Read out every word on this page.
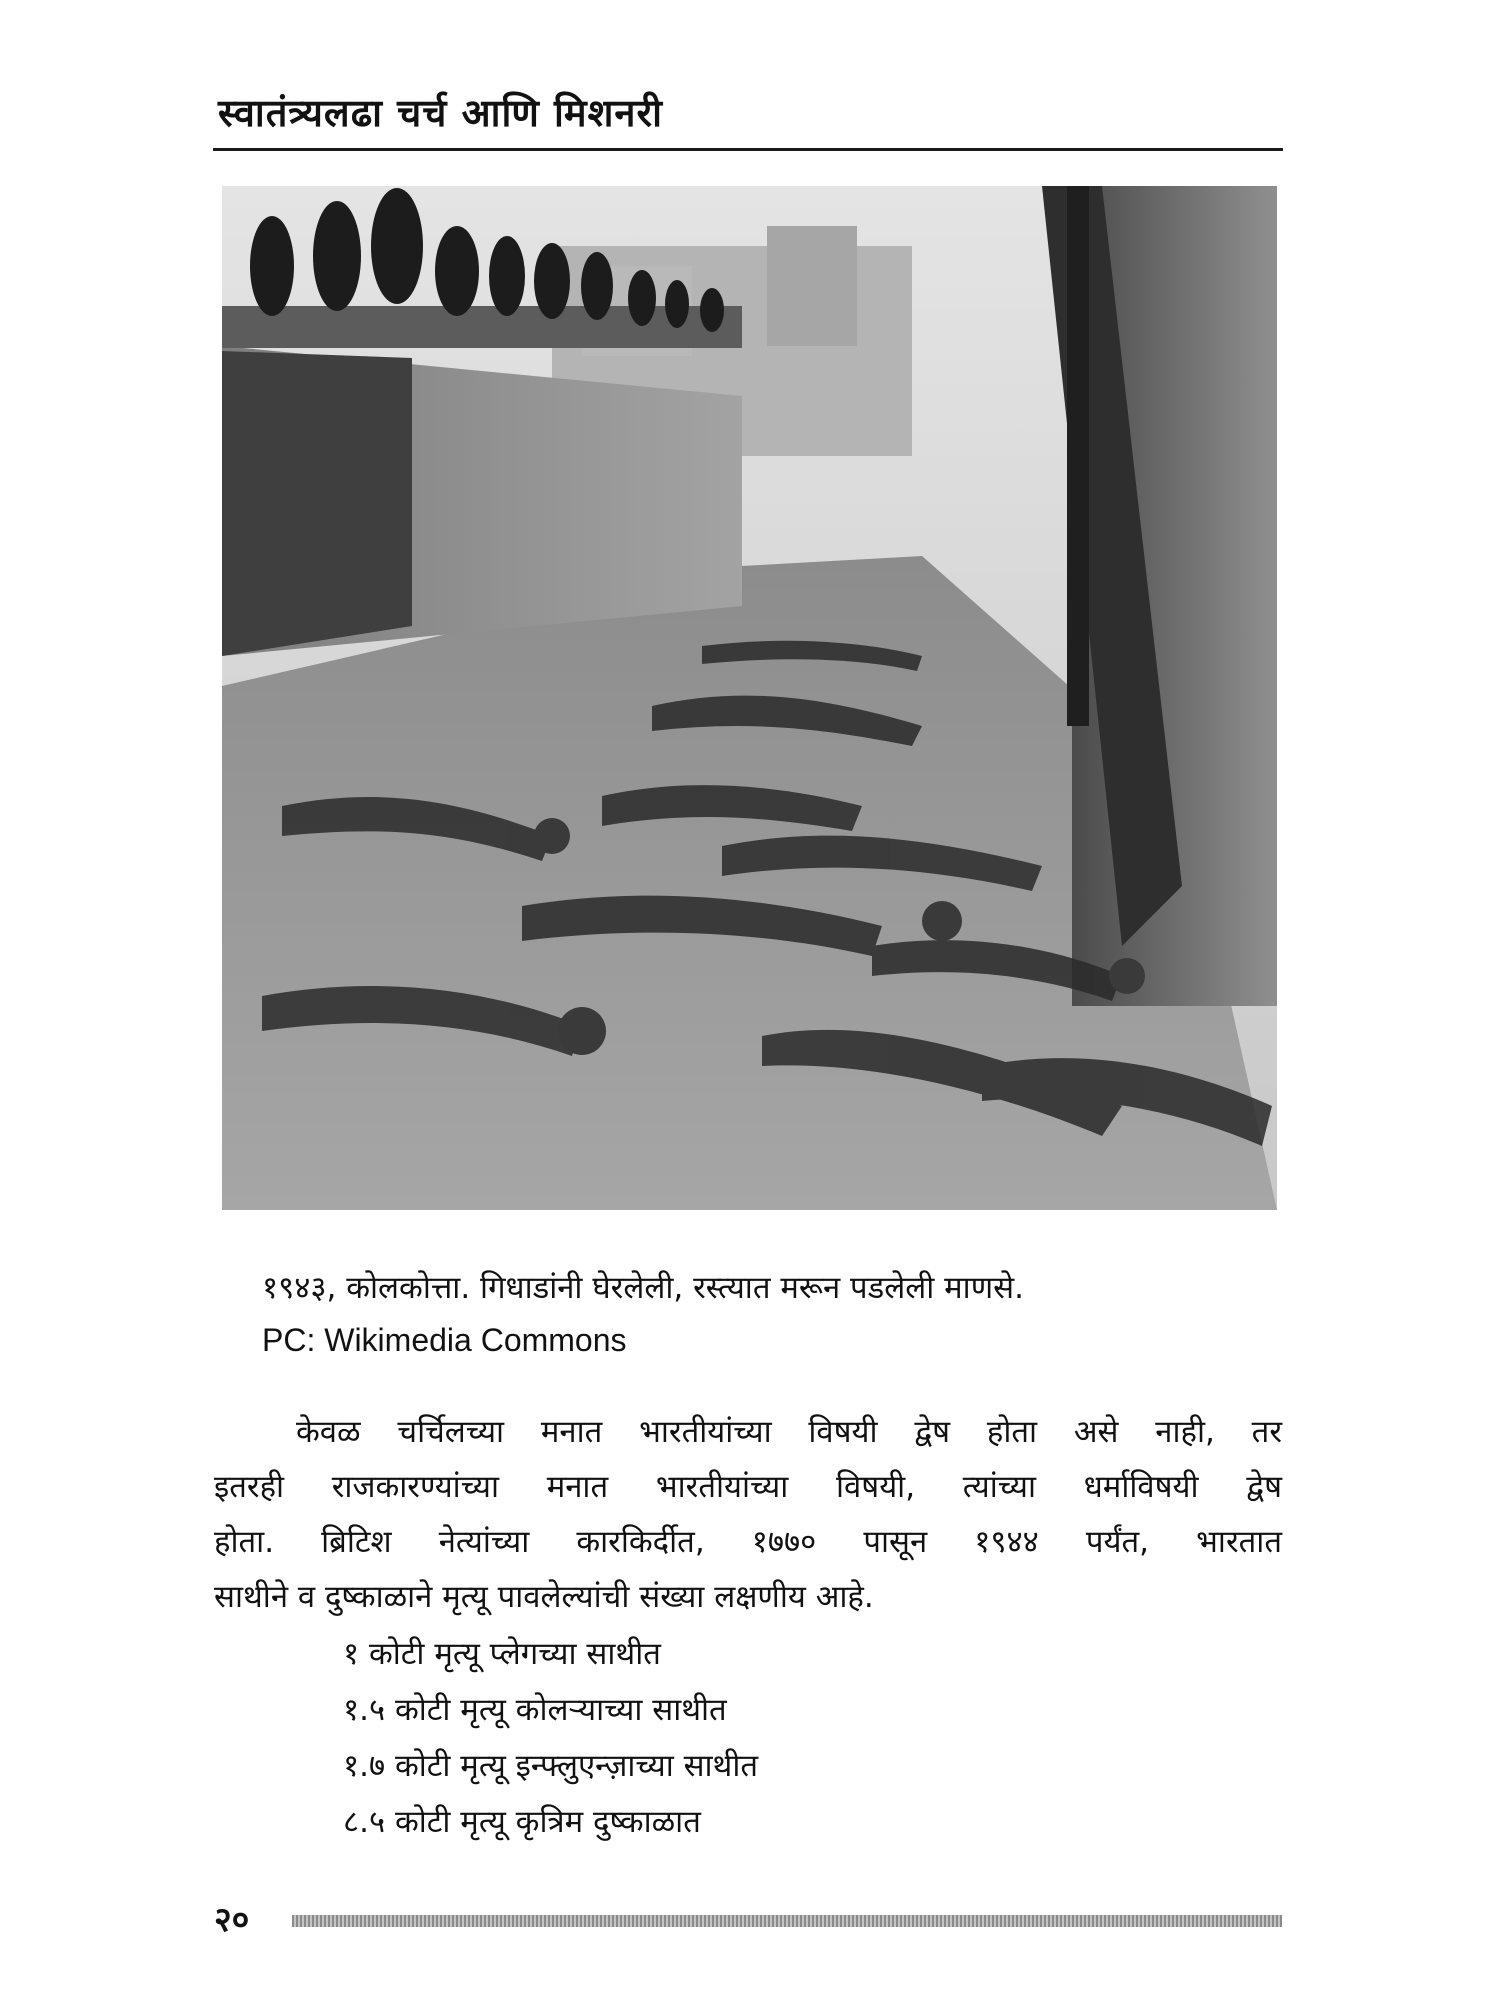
स्वातंत्र्यलढा चर्च आणि मिशनरी
१९४३, कोलकोत्ता. गिधाडांनी घेरलेली, रस्त्यात मरून पडलेली माणसे.
PC: Wikimedia Commons
केवळ चर्चिलच्या मनात भारतीयांच्या विषयी द्वेष होता असे नाही, तर
इतरही राजकारण्यांच्या मनात भारतीयांच्या विषयी, त्यांच्या धर्माविषयी द्वेष
होता. ब्रिटिश नेत्यांच्या कारकिर्दीत, १७७० पासून १९४४ पर्यंत, भारतात
साथीने व दुष्काळाने मृत्यू पावलेल्यांची संख्या लक्षणीय आहे.
१ कोटी मृत्यू प्लेगच्या साथीत
१.५ कोटी मृत्यू कोलऱ्याच्या साथीत
१.७ कोटी मृत्यू इन्फ्लुएन्ज़ाच्या साथीत
८.५ कोटी मृत्यू कृत्रिम दुष्काळात
२०
